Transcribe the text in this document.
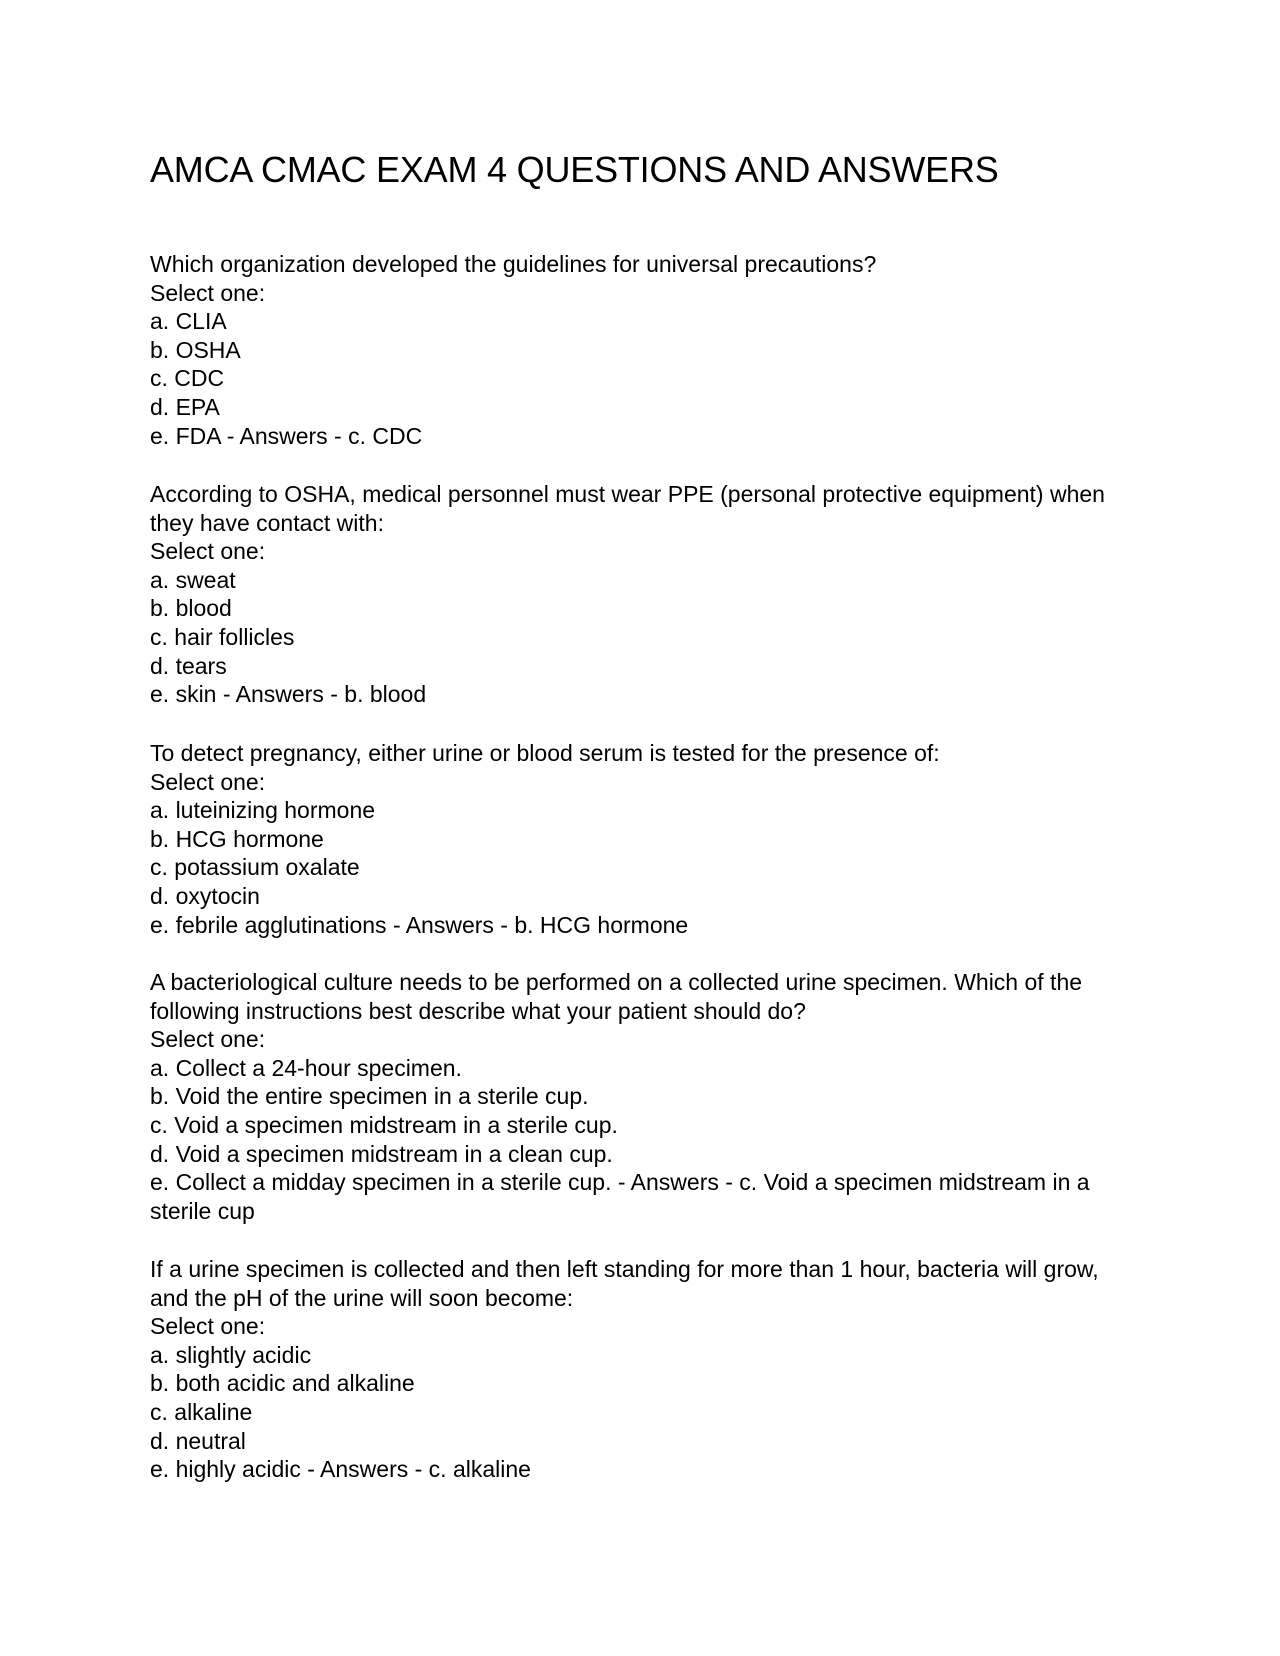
AMCA CMAC EXAM 4 QUESTIONS AND ANSWERS
Which organization developed the guidelines for universal precautions?
Select one:
a. CLIA
b. OSHA
c. CDC
d. EPA
e. FDA - Answers - c. CDC
According to OSHA, medical personnel must wear PPE (personal protective equipment) when they have contact with:
Select one:
a. sweat
b. blood
c. hair follicles
d. tears
e. skin - Answers - b. blood
To detect pregnancy, either urine or blood serum is tested for the presence of:
Select one:
a. luteinizing hormone
b. HCG hormone
c. potassium oxalate
d. oxytocin
e. febrile agglutinations - Answers - b. HCG hormone
A bacteriological culture needs to be performed on a collected urine specimen. Which of the following instructions best describe what your patient should do?
Select one:
a. Collect a 24-hour specimen.
b. Void the entire specimen in a sterile cup.
c. Void a specimen midstream in a sterile cup.
d. Void a specimen midstream in a clean cup.
e. Collect a midday specimen in a sterile cup. - Answers - c. Void a specimen midstream in a sterile cup
If a urine specimen is collected and then left standing for more than 1 hour, bacteria will grow, and the pH of the urine will soon become:
Select one:
a. slightly acidic
b. both acidic and alkaline
c. alkaline
d. neutral
e. highly acidic - Answers - c. alkaline
